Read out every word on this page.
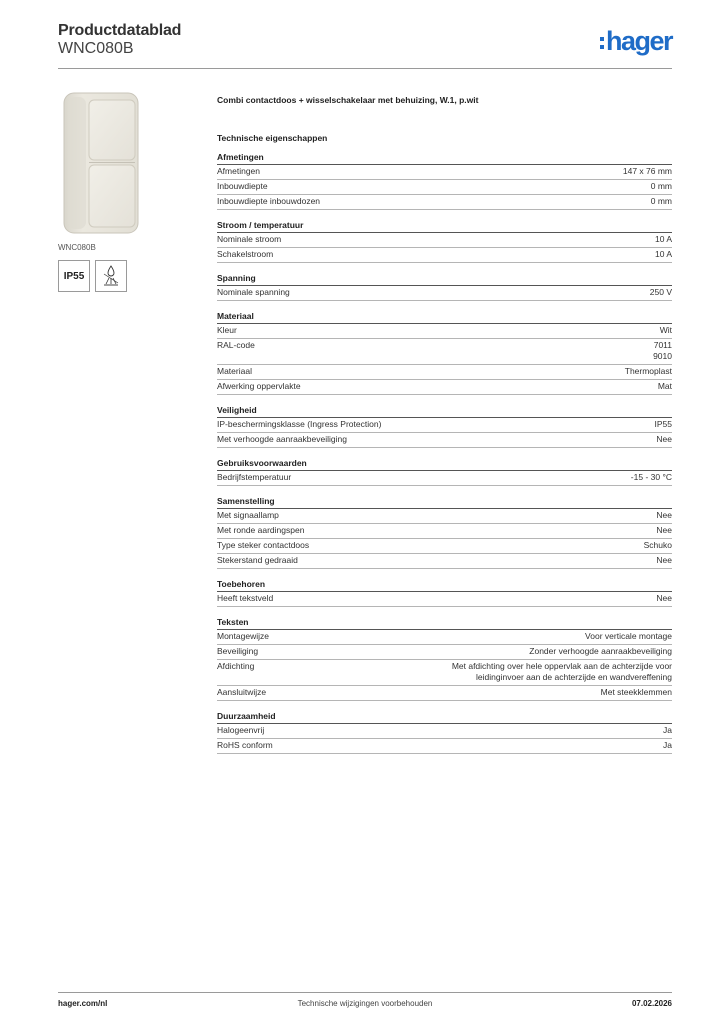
Productdatablad
WNC080B	hager
WNC080B
IP55
Combi contactdoos + wisselschakelaar met behuizing, W.1, p.wit
Technische eigenschappen
Afmetingen
Afmetingen	147 x 76 mm
Inbouwdiepte	0 mm
Inbouwdiepte inbouwdozen	0 mm
Stroom / temperatuur
Nominale stroom	10 A
Schakelstroom	10 A
Spanning
Nominale spanning	250 V
Materiaal
Kleur	Wit
RAL-code	7011
9010
Materiaal	Thermoplast
Afwerking oppervlakte	Mat
Veiligheid
IP-beschermingsklasse (Ingress Protection)	IP55
Met verhoogde aanraakbeveiliging	Nee
Gebruiksvoorwaarden
Bedrijfstemperatuur	-15 - 30 °C
Samenstelling
Met signaallamp	Nee
Met ronde aardingspen	Nee
Type steker contactdoos	Schuko
Stekerstand gedraaid	Nee
Toebehoren
Heeft tekstveld	Nee
Teksten
Montagewijze	Voor verticale montage
Beveiliging	Zonder verhoogde aanraakbeveiliging
Afdichting	Met afdichting over hele oppervlak aan de achterzijde voor
leidinginvoer aan de achterzijde en wandvereffening
Aansluitwijze	Met steekklemmen
Duurzaamheid
Halogeenvrij	Ja
RoHS conform	Ja
hager.com/nl	Technische wijzigingen voorbehouden	07.02.2026
